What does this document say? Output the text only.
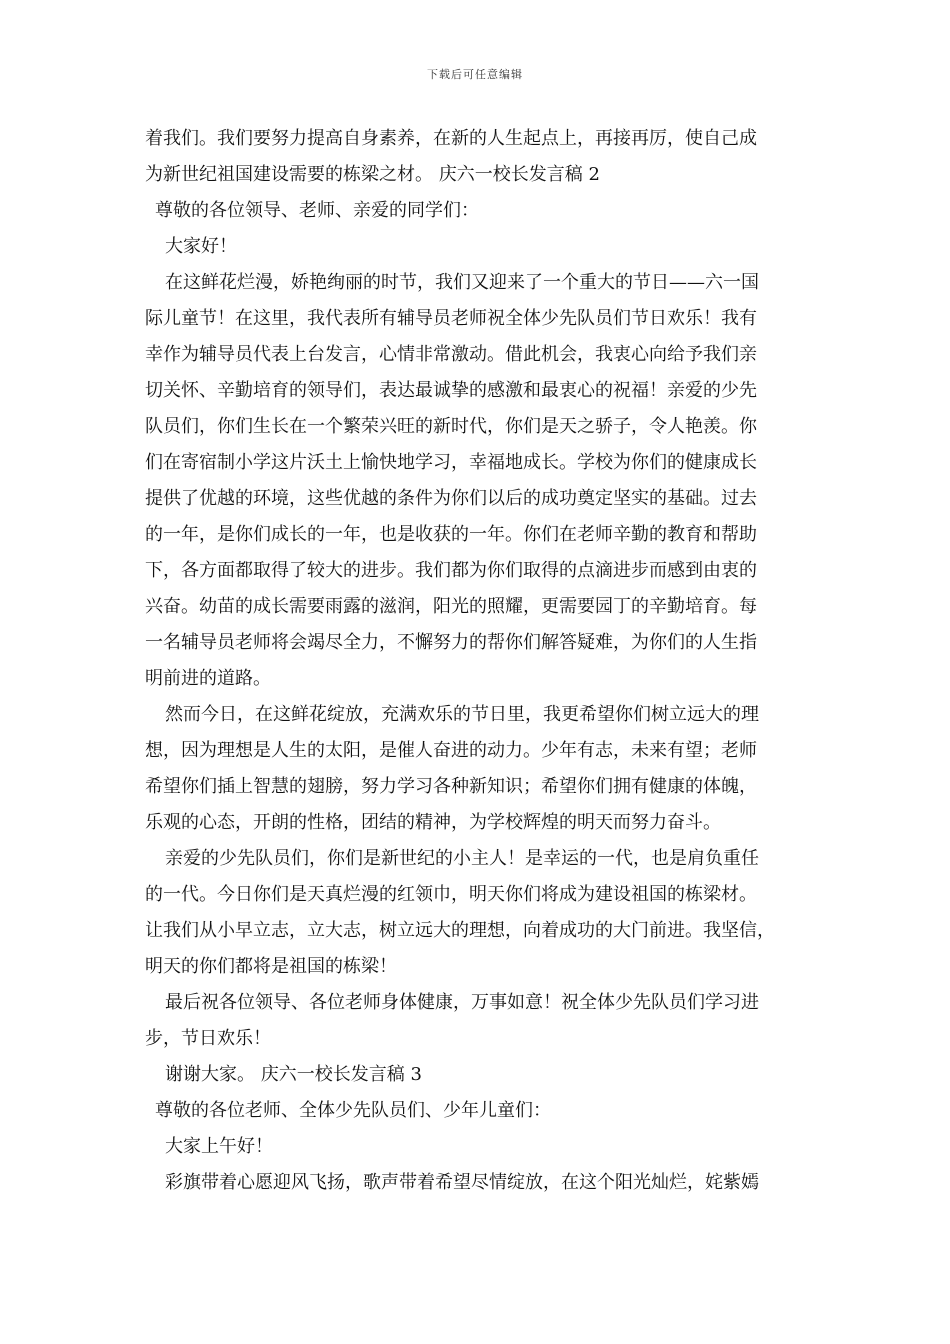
下载后可任意编辑
着我们。我们要努力提高自身素养，在新的人生起点上，再接再厉，使自己成
为新世纪祖国建设需要的栋梁之材。 庆六一校长发言稿 2
尊敬的各位领导、老师、亲爱的同学们：
大家好！
在这鲜花烂漫，娇艳绚丽的时节，我们又迎来了一个重大的节日——六一国
际儿童节！在这里，我代表所有辅导员老师祝全体少先队员们节日欢乐！我有
幸作为辅导员代表上台发言，心情非常激动。借此机会，我衷心向给予我们亲
切关怀、辛勤培育的领导们，表达最诚挚的感激和最衷心的祝福！亲爱的少先
队员们，你们生长在一个繁荣兴旺的新时代，你们是天之骄子，令人艳羡。你
们在寄宿制小学这片沃土上愉快地学习，幸福地成长。学校为你们的健康成长
提供了优越的环境，这些优越的条件为你们以后的成功奠定坚实的基础。过去
的一年，是你们成长的一年，也是收获的一年。你们在老师辛勤的教育和帮助
下，各方面都取得了较大的进步。我们都为你们取得的点滴进步而感到由衷的
兴奋。幼苗的成长需要雨露的滋润，阳光的照耀，更需要园丁的辛勤培育。每
一名辅导员老师将会竭尽全力，不懈努力的帮你们解答疑难，为你们的人生指
明前进的道路。
然而今日，在这鲜花绽放，充满欢乐的节日里，我更希望你们树立远大的理
想，因为理想是人生的太阳，是催人奋进的动力。少年有志，未来有望；老师
希望你们插上智慧的翅膀，努力学习各种新知识；希望你们拥有健康的体魄，
乐观的心态，开朗的性格，团结的精神，为学校辉煌的明天而努力奋斗。
亲爱的少先队员们，你们是新世纪的小主人！是幸运的一代，也是肩负重任
的一代。今日你们是天真烂漫的红领巾，明天你们将成为建设祖国的栋梁材。
让我们从小早立志，立大志，树立远大的理想，向着成功的大门前进。我坚信，
明天的你们都将是祖国的栋梁！
最后祝各位领导、各位老师身体健康，万事如意！祝全体少先队员们学习进
步，节日欢乐！
谢谢大家。 庆六一校长发言稿 3
尊敬的各位老师、全体少先队员们、少年儿童们：
大家上午好！
彩旗带着心愿迎风飞扬，歌声带着希望尽情绽放，在这个阳光灿烂，姹紫嫣
